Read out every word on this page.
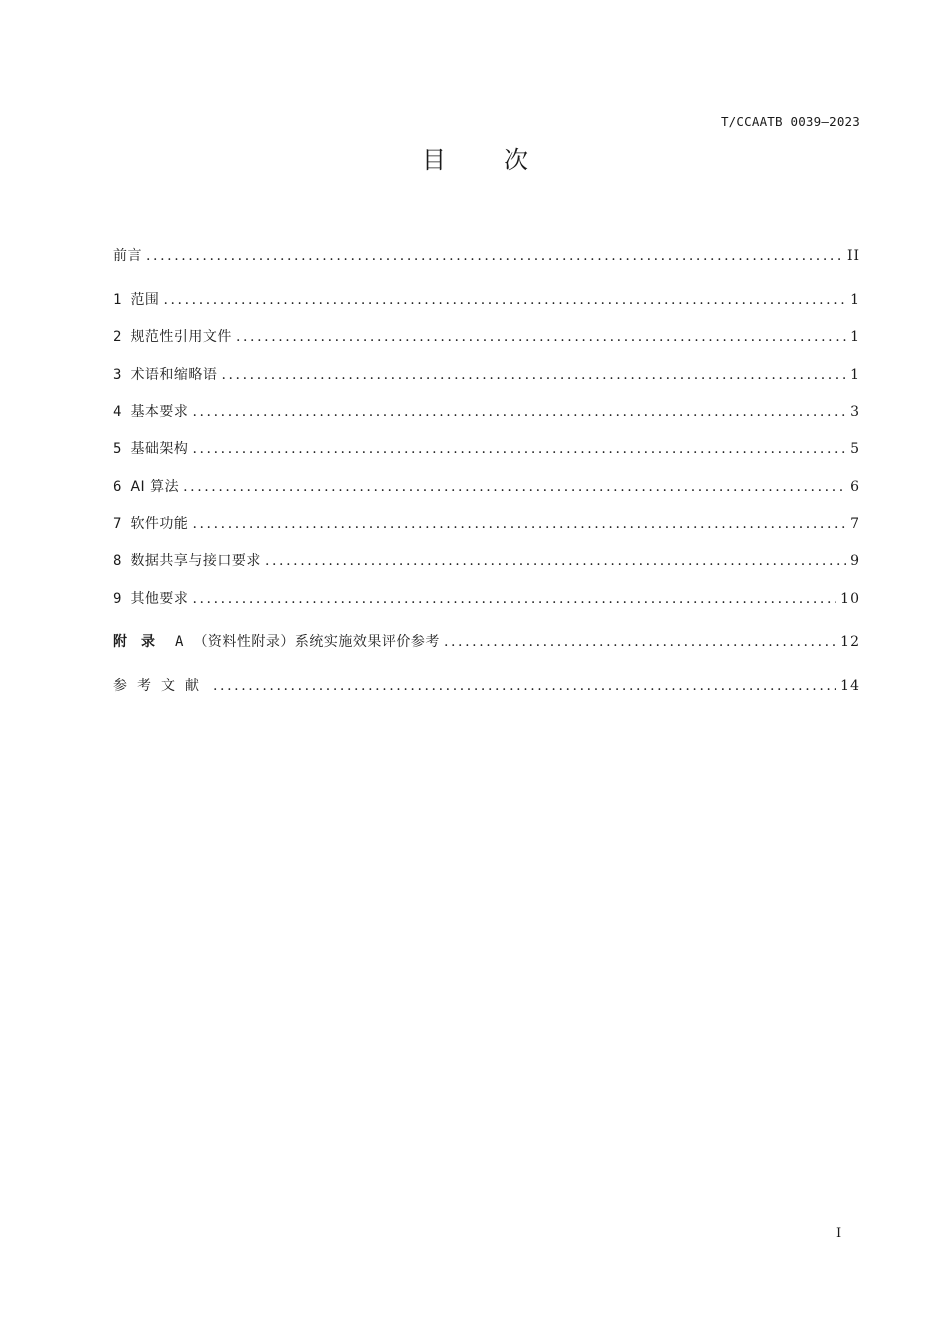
T/CCAATB 0039—2023
目次
前言 .....	II
1 范围 .....	1
2 规范性引用文件 .....	1
3 术语和缩略语 .....	1
4 基本要求 .....	3
5 基础架构 .....	5
6 AI 算法 .....	6
7 软件功能 .....	7
8 数据共享与接口要求 .....	9
9 其他要求 .....	10
附录 A （资料性附录）系统实施效果评价参考 .....	12
参考文献 .....	14
I
